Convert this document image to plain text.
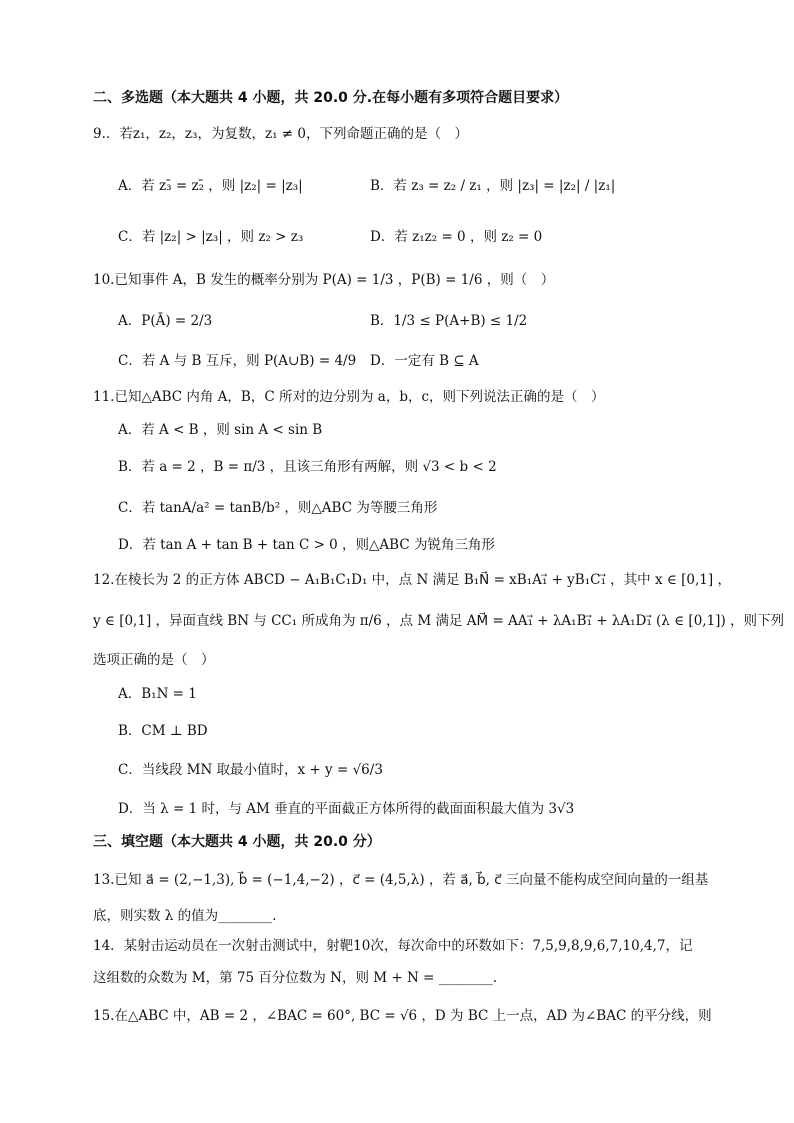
二、多选题（本大题共 4 小题，共 20.0 分.在每小题有多项符合题目要求）
9.．若z₁，z₂，z₃，为复数，z₁ ≠ 0，下列命题正确的是（　）
A．若 z₃̄ = z₂̄ ，则 |z₂| = |z₃|	B．若 z₃ = z₂ / z₁ ，则 |z₃| = |z₂| / |z₁|
C．若 |z₂| > |z₃| ，则 z₂ > z₃	D．若 z₁z₂ = 0 ，则 z₂ = 0
10.已知事件 A，B 发生的概率分别为 P(A) = 1/3 ，P(B) = 1/6 ，则（　）
A．P(Ā) = 2/3	B．1/3 ≤ P(A+B) ≤ 1/2
C．若 A 与 B 互斥，则 P(A∪B) = 4/9 D．一定有 B ⊆ A
11.已知△ABC 内角 A，B，C 所对的边分别为 a，b，c，则下列说法正确的是（　）
A．若 A < B ，则 sin A < sin B
B．若 a = 2 ，B = π/3 ，且该三角形有两解，则 √3 < b < 2
C．若 tanA/a² = tanB/b² ，则△ABC 为等腰三角形
D．若 tan A + tan B + tan C > 0 ，则△ABC 为锐角三角形
12.在棱长为 2 的正方体 ABCD − A₁B₁C₁D₁ 中，点 N 满足 B₁N⃗ = xB₁A₁⃗ + yB₁C₁⃗ ，其中 x ∈ [0,1] ，
y ∈ [0,1] ，异面直线 BN 与 CC₁ 所成角为 π/6 ，点 M 满足 AM⃗ = AA₁⃗ + λA₁B₁⃗ + λA₁D₁⃗ (λ ∈ [0,1]) ，则下列
选项正确的是（　）
A．B₁N = 1
B．CM ⊥ BD
C．当线段 MN 取最小值时，x + y = √6/3
D．当 λ = 1 时，与 AM 垂直的平面截正方体所得的截面面积最大值为 3√3
三、填空题（本大题共 4 小题，共 20.0 分）
13.已知 a⃗ = (2,−1,3), b⃗ = (−1,4,−2) ，c⃗ = (4,5,λ) ，若 a⃗, b⃗, c⃗ 三向量不能构成空间向量的一组基
底，则实数 λ 的值为________.
14．某射击运动员在一次射击测试中，射靶10次，每次命中的环数如下：7,5,9,8,9,6,7,10,4,7，记
这组数的众数为 M，第 75 百分位数为 N，则 M + N = ________.
15.在△ABC 中，AB = 2 ，∠BAC = 60°, BC = √6 ，D 为 BC 上一点，AD 为∠BAC 的平分线，则
